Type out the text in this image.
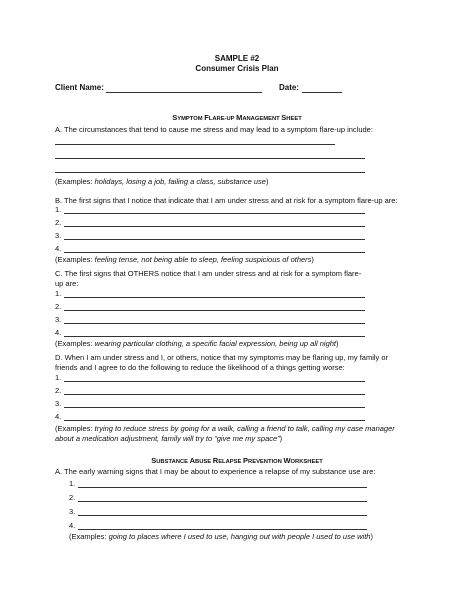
SAMPLE #2
Consumer Crisis Plan
Client Name:	Date:
SYMPTOM FLARE-UP MANAGEMENT SHEET
A. The circumstances that tend to cause me stress and may lead to a symptom flare-up include:
(Examples: holidays, losing a job, failing a class, substance use)
B. The first signs that I notice that indicate that I am under stress and at risk for a symptom flare-up are:
1.
2.
3.
4.
(Examples: feeling tense, not being able to sleep, feeling suspicious of others)
C. The first signs that OTHERS notice that I am under stress and at risk for a symptom flare-
up are:
1.
2.
3.
4.
(Examples: wearing particular clothing, a specific facial expression, being up all night)
D. When I am under stress and I, or others, notice that my symptoms may be flaring up, my family or
friends and I agree to do the following to reduce the likelihood of a things getting worse:
1.
2.
3.
4.
(Examples: trying to reduce stress by going for a walk, calling a friend to talk, calling my case manager
about a medication adjustment, family will try to “give me my space”)
SUBSTANCE ABUSE RELAPSE PREVENTION WORKSHEET
A. The early warning signs that I may be about to experience a relapse of my substance use are:
1.
2.
3.
4.
(Examples: going to places where I used to use, hanging out with people I used to use with)
